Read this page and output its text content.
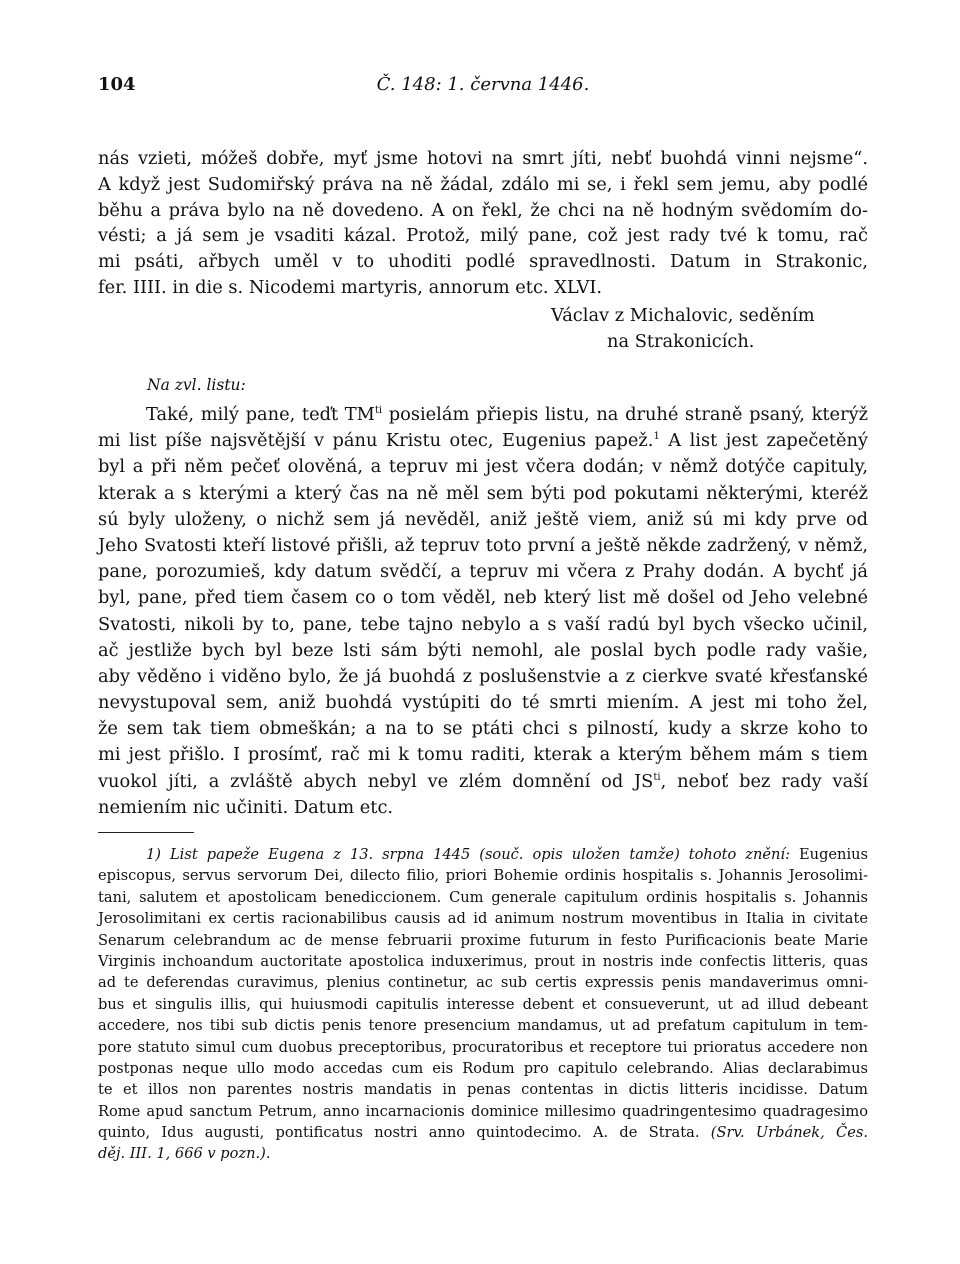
104	Č. 148: 1. června 1446.
nás vzieti, móžeš dobře, myť jsme hotovi na smrt jíti, nebť buohdá vinni nejsme“.
A když jest Sudomiřský práva na ně žádal, zdálo mi se, i řekl sem jemu, aby podlé
běhu a práva bylo na ně dovedeno. A on řekl, že chci na ně hodným svědomím do-
vésti; a já sem je vsaditi kázal. Protož, milý pane, což jest rady tvé k tomu, rač
mi psáti, ařbych uměl v to uhoditi podlé spravedlnosti. Datum in Strakonic,
fer. IIII. in die s. Nicodemi martyris, annorum etc. XLVI.
Václav z Michalovic, seděním
na Strakonicích.
Na zvl. listu:
Také, milý pane, teďt $TM^{ti}$ posielám přiepis listu, na druhé straně psaný, kterýž
mi list píše najsvětější v pánu Kristu otec, Eugenius papež.$^1$ A list jest zapečetěný
byl a při něm pečeť olověná, a tepruv mi jest včera dodán; v němž dotýče capituly,
kterak a s kterými a který čas na ně měl sem býti pod pokutami některými, kteréž
sú byly uloženy, o nichž sem já nevěděl, aniž ještě viem, aniž sú mi kdy prve od
Jeho Svatosti kteří listové přišli, až tepruv toto první a ještě někde zadržený, v němž,
pane, porozumieš, kdy datum svědčí, a tepruv mi včera z Prahy dodán. A bychť já
byl, pane, před tiem časem co o tom věděl, neb který list mě došel od Jeho velebné
Svatosti, nikoli by to, pane, tebe tajno nebylo a s vaší radú byl bych všecko učinil,
ač jestliže bych byl beze lsti sám býti nemohl, ale poslal bych podle rady vašie,
aby věděno i viděno bylo, že já buohdá z poslušenstvie a z cierkve svaté křesťanské
nevystupoval sem, aniž buohdá vystúpiti do té smrti miením. A jest mi toho žel,
že sem tak tiem obmeškán; a na to se ptáti chci s pilností, kudy a skrze koho to
mi jest přišlo. I prosímť, rač mi k tomu raditi, kterak a kterým během mám s tiem
vuokol jíti, a zvláště abych nebyl ve zlém domnění od $JS^{ti}$, neboť bez rady vaší
nemiením nic učiniti. Datum etc.
1) List papeže Eugena z 13. srpna 1445 (souč. opis uložen tamže) tohoto znění: Eugenius
episcopus, servus servorum Dei, dilecto filio, priori Bohemie ordinis hospitalis s. Johannis Jerosolimi-
tani, salutem et apostolicam benediccionem. Cum generale capitulum ordinis hospitalis s. Johannis
Jerosolimitani ex certis racionabilibus causis ad id animum nostrum moventibus in Italia in civitate
Senarum celebrandum ac de mense februarii proxime futurum in festo Purificacionis beate Marie
Virginis inchoandum auctoritate apostolica induxerimus, prout in nostris inde confectis litteris, quas
ad te deferendas curavimus, plenius continetur, ac sub certis expressis penis mandaverimus omni-
bus et singulis illis, qui huiusmodi capitulis interesse debent et consueverunt, ut ad illud debeant
accedere, nos tibi sub dictis penis tenore presencium mandamus, ut ad prefatum capitulum in tem-
pore statuto simul cum duobus preceptoribus, procuratoribus et receptore tui prioratus accedere non
postponas neque ullo modo accedas cum eis Rodum pro capitulo celebrando. Alias declarabimus
te et illos non parentes nostris mandatis in penas contentas in dictis litteris incidisse. Datum
Rome apud sanctum Petrum, anno incarnacionis dominice millesimo quadringentesimo quadragesimo
quinto, Idus augusti, pontificatus nostri anno quintodecimo. A. de Strata. (Srv. Urbánek, Čes.
děj. III. 1, 666 v pozn.).
